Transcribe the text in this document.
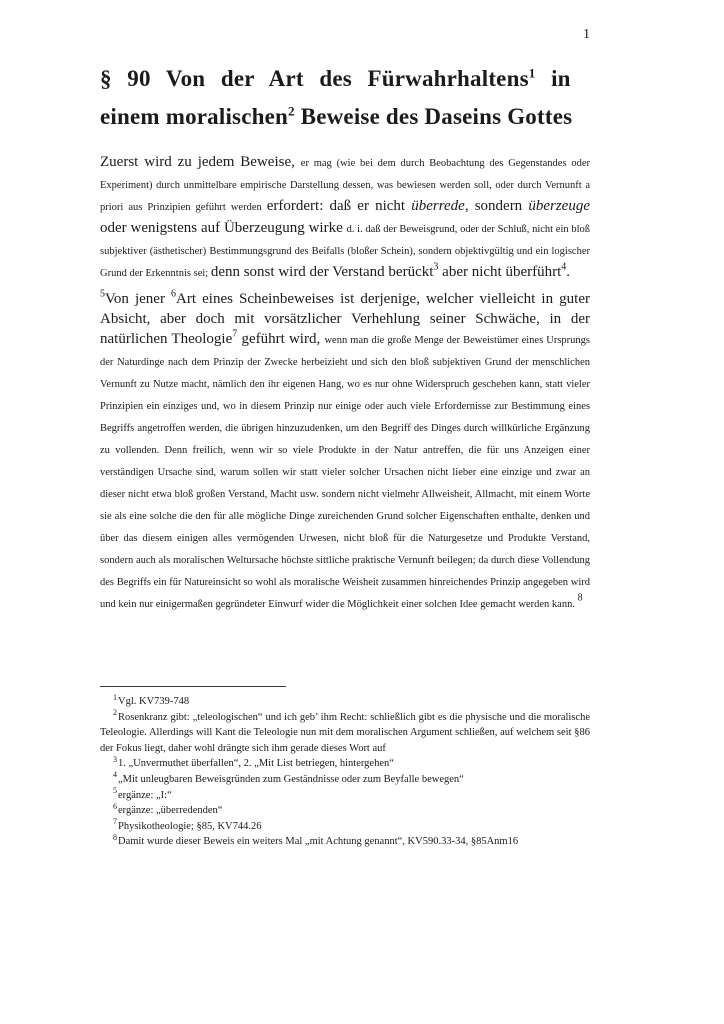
1
§ 90 Von der Art des Fürwahrhaltens$^1$ in
einem moralischen$^2$ Beweise des Daseins Gottes

Zuerst wird zu jedem Beweise, er mag (wie bei dem durch Beobachtung des Gegenstandes oder Experiment) durch unmittelbare empirische Darstellung dessen, was bewiesen werden soll, oder durch Vernunft a priori aus Prinzipien geführt werden erfordert: daß er nicht überrede, sondern überzeuge oder wenigstens auf Überzeugung wirke d. i. daß der Beweisgrund, oder der Schluß, nicht ein bloß subjektiver (ästhetischer) Bestimmungsgrund des Beifalls (bloßer Schein), sondern objektivgültig und ein logischer Grund der Erkenntnis sei; denn sonst wird der Verstand berückt$^3$ aber nicht überführt$^4$.

$^5$Von jener $^6$Art eines Scheinbeweises ist derjenige, welcher vielleicht in guter Absicht, aber doch mit vorsätzlicher Verhehlung seiner Schwäche, in der natürlichen Theologie$^7$ geführt wird, wenn man die große Menge der Beweistümer eines Ursprungs der Naturdinge nach dem Prinzip der Zwecke herbeizieht und sich den bloß subjektiven Grund der menschlichen Vernunft zu Nutze macht, nämlich den ihr eigenen Hang, wo es nur ohne Widerspruch geschehen kann, statt vieler Prinzipien ein einziges und, wo in diesem Prinzip nur einige oder auch viele Erfordernisse zur Bestimmung eines Begriffs angetroffen werden, die übrigen hinzuzudenken, um den Begriff des Dinges durch willkürliche Ergänzung zu vollenden. Denn freilich, wenn wir so viele Produkte in der Natur antreffen, die für uns Anzeigen einer verständigen Ursache sind, warum sollen wir statt vieler solcher Ursachen nicht lieber eine einzige und zwar an dieser nicht etwa bloß großen Verstand, Macht usw. sondern nicht vielmehr Allweisheit, Allmacht, mit einem Worte sie als eine solche die den für alle mögliche Dinge zureichenden Grund solcher Eigenschaften enthalte, denken und über das diesem einigen alles vermögenden Urwesen, nicht bloß für die Naturgesetze und Produkte Verstand, sondern auch als moralischen Weltursache höchste sittliche praktische Vernunft beilegen; da durch diese Vollendung des Begriffs ein für Natureinsicht so wohl als moralische Weisheit zusammen hinreichendes Prinzip angegeben wird und kein nur einigermaßen gegründeter Einwurf wider die Möglichkeit einer solchen Idee gemacht werden kann. $^8$

$^1$Vgl. KV739-748
$^2$Rosenkranz gibt: „teleologischen“ und ich geb’ ihm Recht: schließlich gibt es die physische und die moralische Teleologie. Allerdings will Kant die Teleologie nun mit dem moralischen Argument schließen, auf welchem seit §86 der Fokus liegt, daher wohl drängte sich ihm gerade dieses Wort auf
$^3$1. „Unvermuthet überfallen“, 2. „Mit List betriegen, hintergehen“
$^4$„Mit unleugbaren Beweisgründen zum Geständnisse oder zum Beyfalle bewegen“
$^5$ergänze: „I:“
$^6$ergänze: „überredenden“
$^7$Physikotheologie; §85, KV744.26
$^8$Damit wurde dieser Beweis ein weiters Mal „mit Achtung genannt“, KV590.33-34, §85Anm16
